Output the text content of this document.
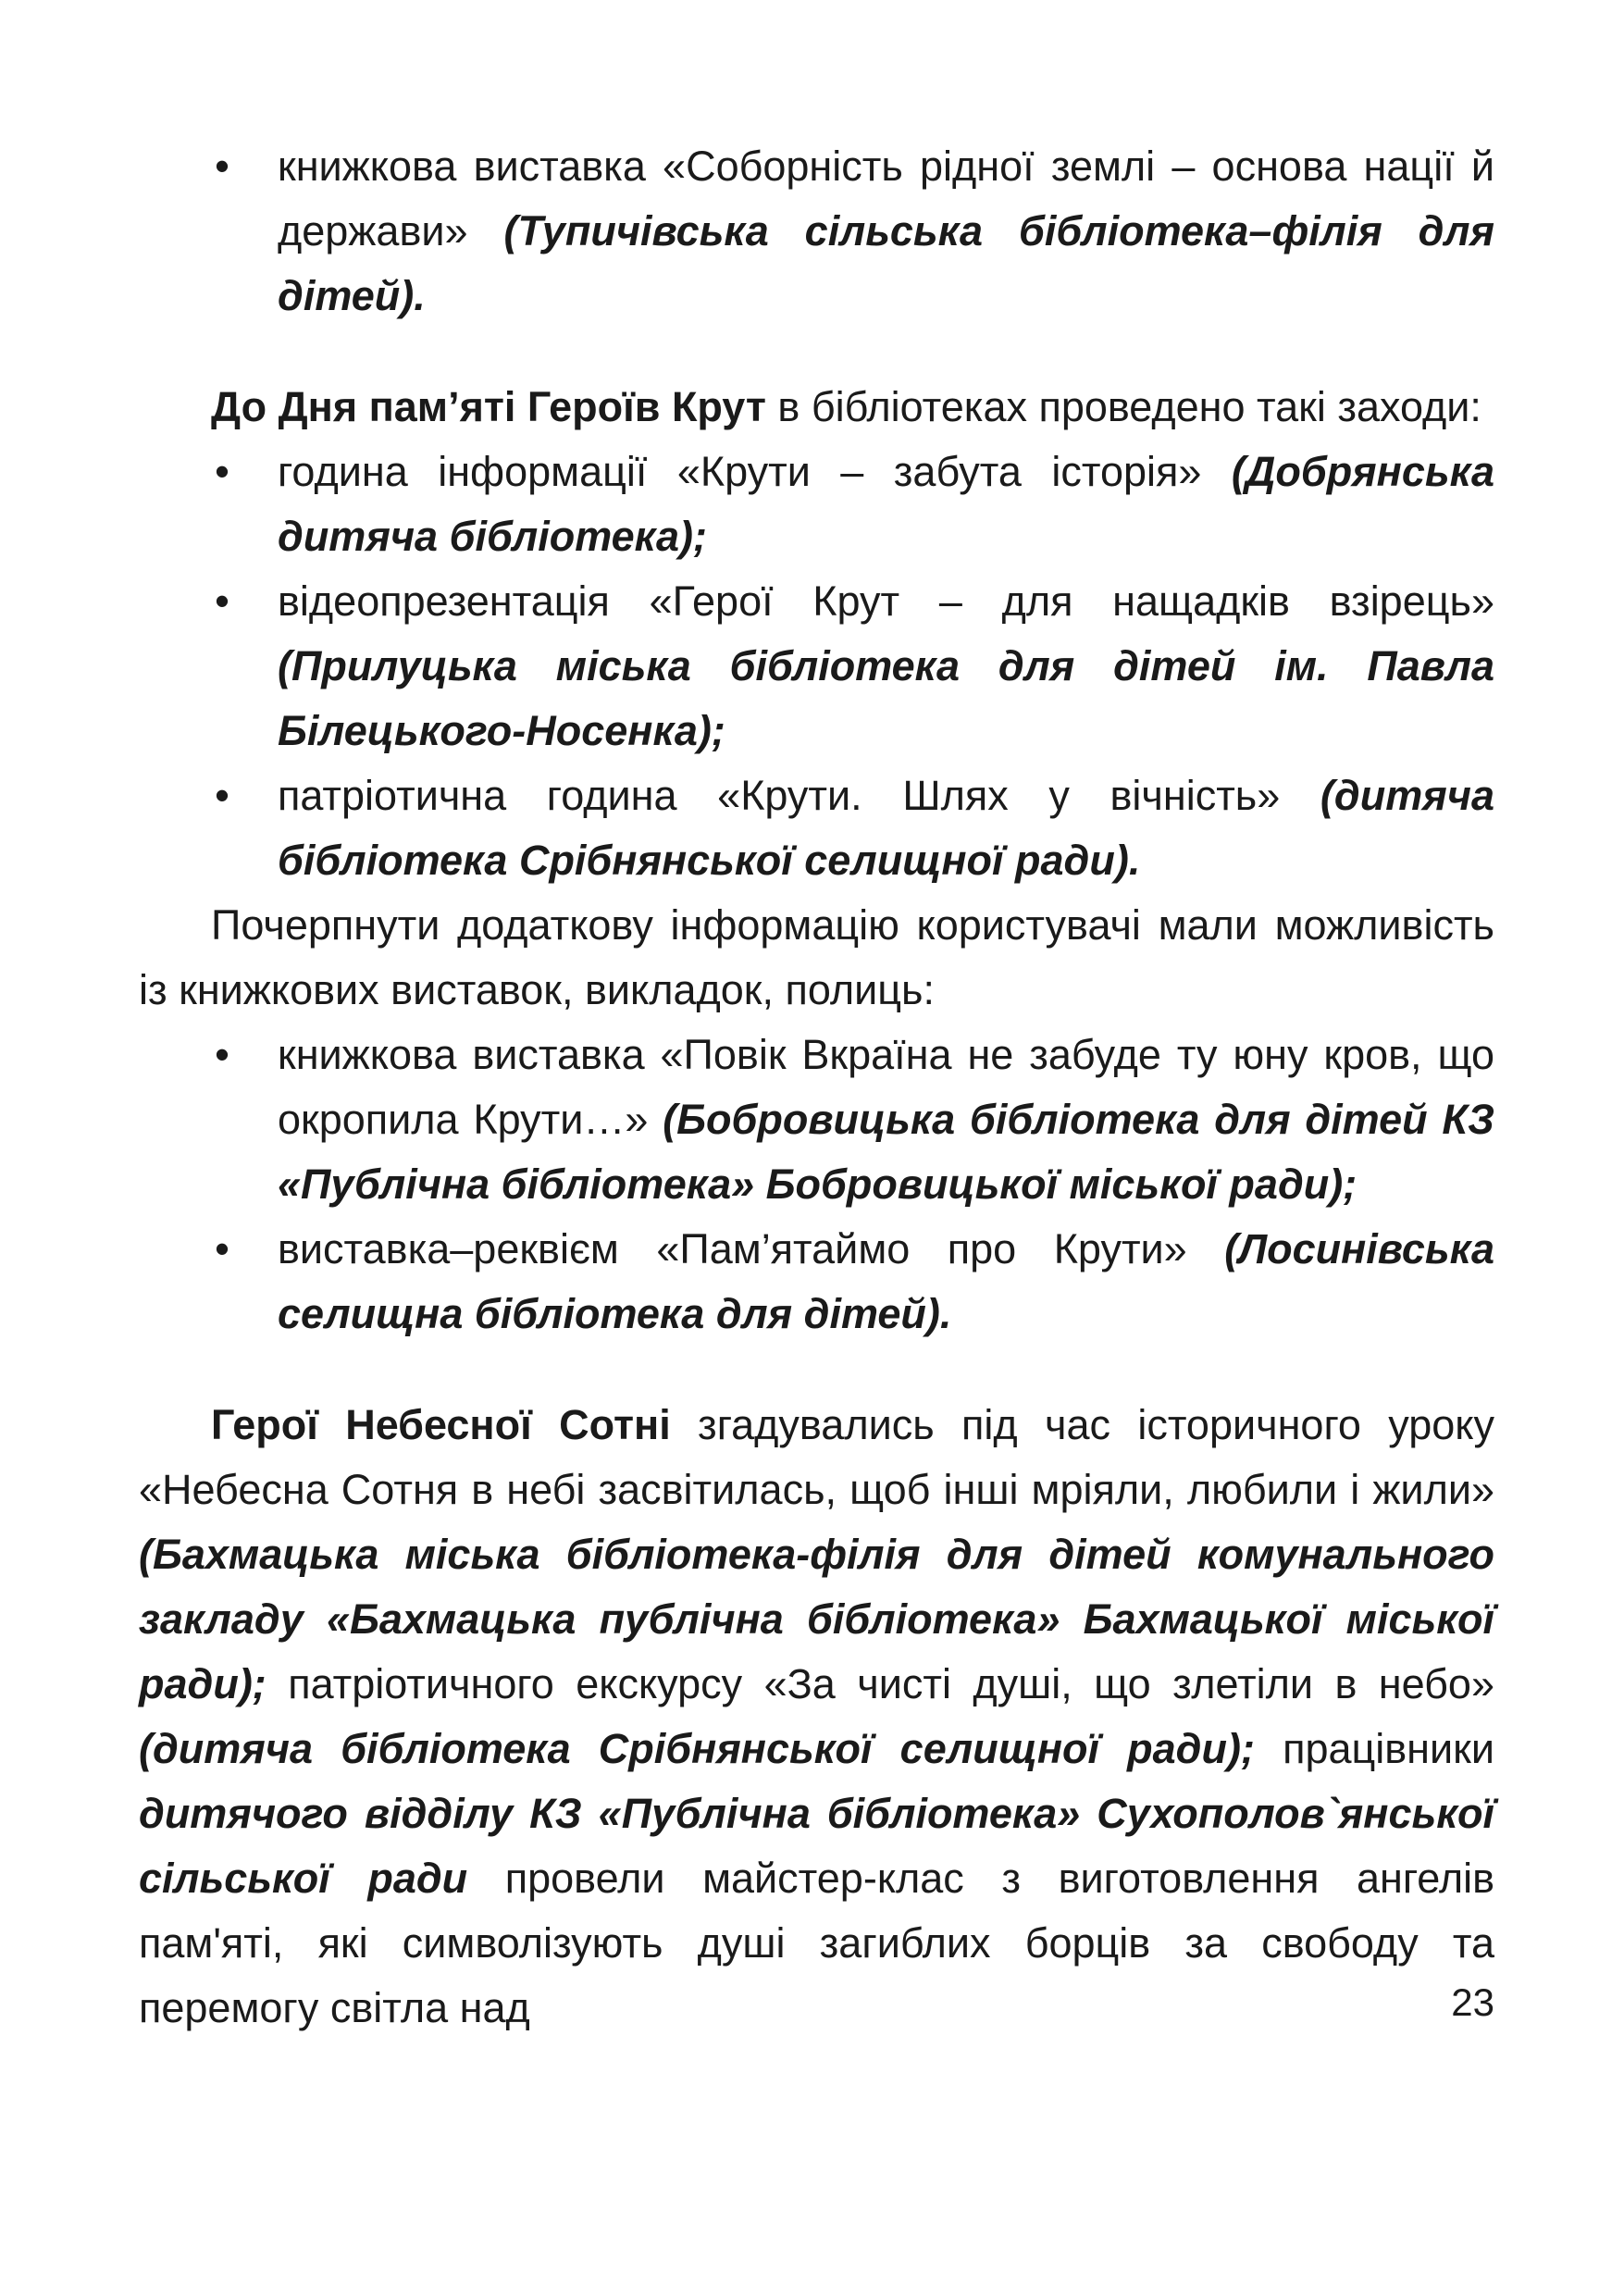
• книжкова виставка «Соборність рідної землі – основа нації й держави» (Тупичівська сільська бібліотека–філія для дітей).

До Дня пам’яті Героїв Крут в бібліотеках проведено такі заходи:

• година інформації «Крути – забута історія» (Добрянська дитяча бібліотека);
• відеопрезентація «Герої Крут – для нащадків взірець» (Прилуцька міська бібліотека для дітей ім. Павла Білецького-Носенка);
• патріотична година «Крути. Шлях у вічність» (дитяча бібліотека Срібнянської селищної ради).

Почерпнути додаткову інформацію користувачі мали можливість із книжкових виставок, викладок, полиць:

• книжкова виставка «Повік Вкраїна не забуде ту юну кров, що окропила Крути…» (Бобровицька бібліотека для дітей КЗ «Публічна бібліотека» Бобровицької міської ради);
• виставка–реквієм «Пам’ятаймо про Крути» (Лосинівська селищна бібліотека для дітей).

Герої Небесної Сотні згадувались під час історичного уроку «Небесна Сотня в небі засвітилась, щоб інші мріяли, любили і жили» (Бахмацька міська бібліотека-філія для дітей комунального закладу «Бахмацька публічна бібліотека» Бахмацької міської ради); патріотичного екскурсу «За чисті душі, що злетіли в небо» (дитяча бібліотека Срібнянської селищної ради); працівники дитячого відділу КЗ «Публічна бібліотека» Сухополов`янської сільської ради провели майстер-клас з виготовлення ангелів пам'яті, які символізують душі загиблих борців за свободу та перемогу світла над	23
